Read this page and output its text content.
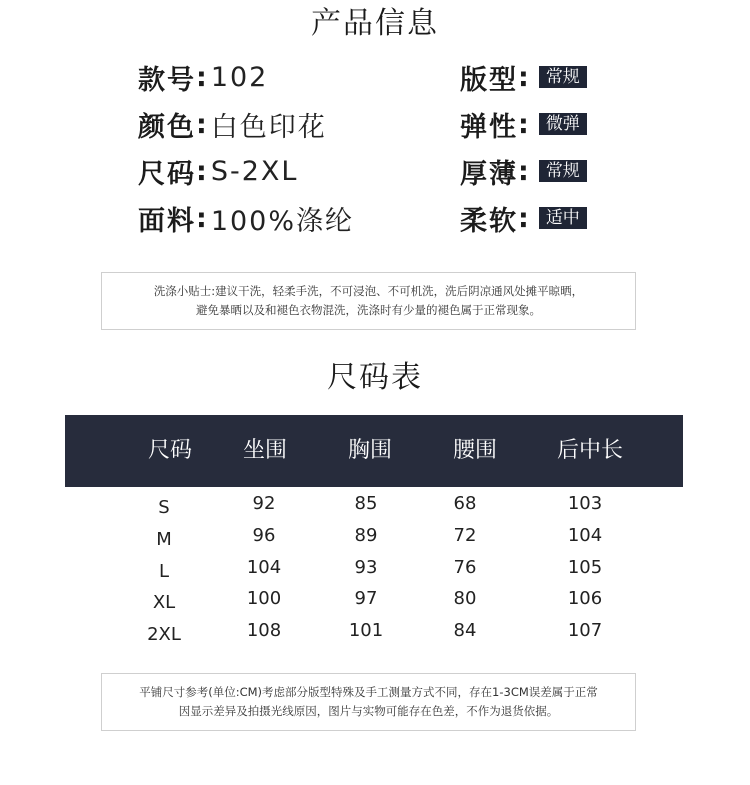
产品信息
款号 : 102
颜色 : 白色印花
尺码 : S-2XL
面料 : 100%涤纶
版型 :	常规
弹性 :	微弹
厚薄 :	常规
柔软 :	适中
洗涤小贴士:建议干洗，轻柔手洗，不可浸泡、不可机洗，洗后阴凉通风处摊平晾晒，
避免暴晒以及和褪色衣物混洗，洗涤时有少量的褪色属于正常现象。
尺码表
尺码	坐围	胸围	腰围	后中长
S	92	85	68	103
M	96	89	72	104
L	104	93	76	105
XL	100	97	80	106
2XL	108	101	84	107
平铺尺寸参考(单位:CM)考虑部分版型特殊及手工测量方式不同，存在1-3CM误差属于正常
因显示差异及拍摄光线原因，图片与实物可能存在色差，不作为退货依据。
